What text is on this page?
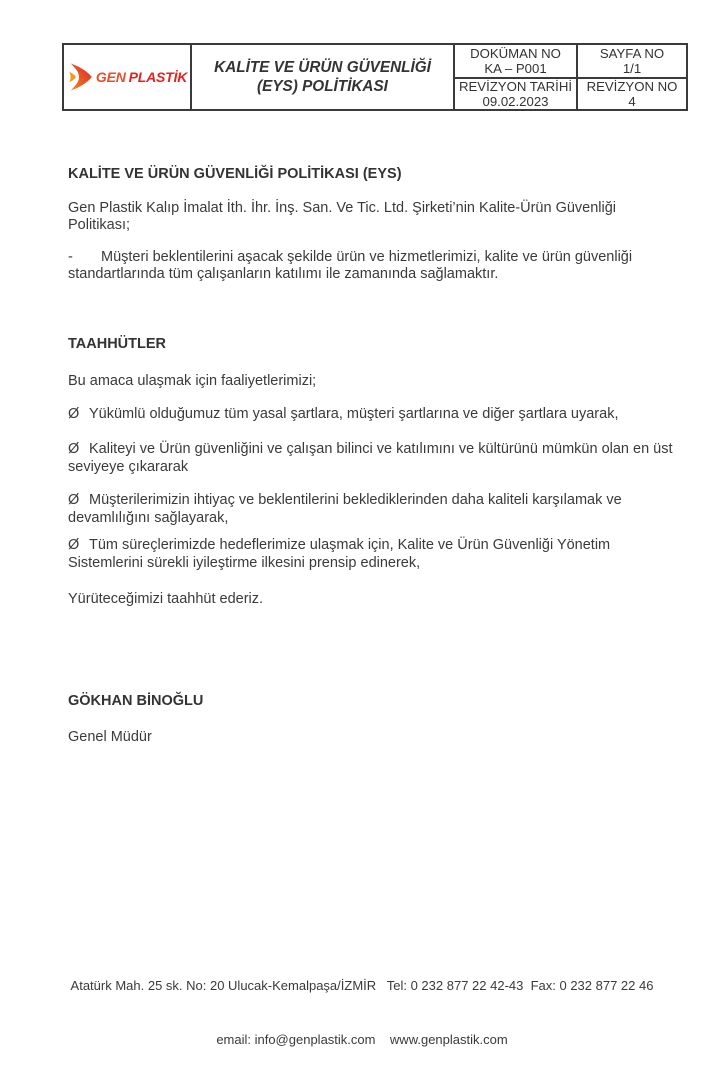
GEN PLASTİK
KALİTE VE ÜRÜN GÜVENLİĞİ
(EYS) POLİTİKASI
DOKÜMAN NO
KA – P001
SAYFA NO
1/1
REVİZYON TARİHİ
09.02.2023
REVİZYON NO
4

KALİTE VE ÜRÜN GÜVENLİĞİ POLİTİKASI (EYS)

Gen Plastik Kalıp İmalat İth. İhr. İnş. San. Ve Tic. Ltd. Şirketi’nin Kalite-Ürün Güvenliği
Politikası;
- Müşteri beklentilerini aşacak şekilde ürün ve hizmetlerimizi, kalite ve ürün güvenliği
standartlarında tüm çalışanların katılımı ile zamanında sağlamaktır.

TAAHHÜTLER

Bu amaca ulaşmak için faaliyetlerimizi;

Ø Yükümlü olduğumuz tüm yasal şartlara, müşteri şartlarına ve diğer şartlara uyarak,
Ø Kaliteyi ve Ürün güvenliğini ve çalışan bilinci ve katılımını ve kültürünü mümkün olan en üst
seviyeye çıkararak
Ø Müşterilerimizin ihtiyaç ve beklentilerini beklediklerinden daha kaliteli karşılamak ve
devamlılığını sağlayarak,
Ø Tüm süreçlerimizde hedeflerimize ulaşmak için, Kalite ve Ürün Güvenliği Yönetim
Sistemlerini sürekli iyileştirme ilkesini prensip edinerek,

Yürüteceğimizi taahhüt ederiz.

GÖKHAN BİNOĞLU

Genel Müdür

Atatürk Mah. 25 sk. No: 20 Ulucak-Kemalpaşa/İZMİR   Tel: 0 232 877 22 42-43  Fax: 0 232 877 22 46

email: info@genplastik.com    www.genplastik.com
